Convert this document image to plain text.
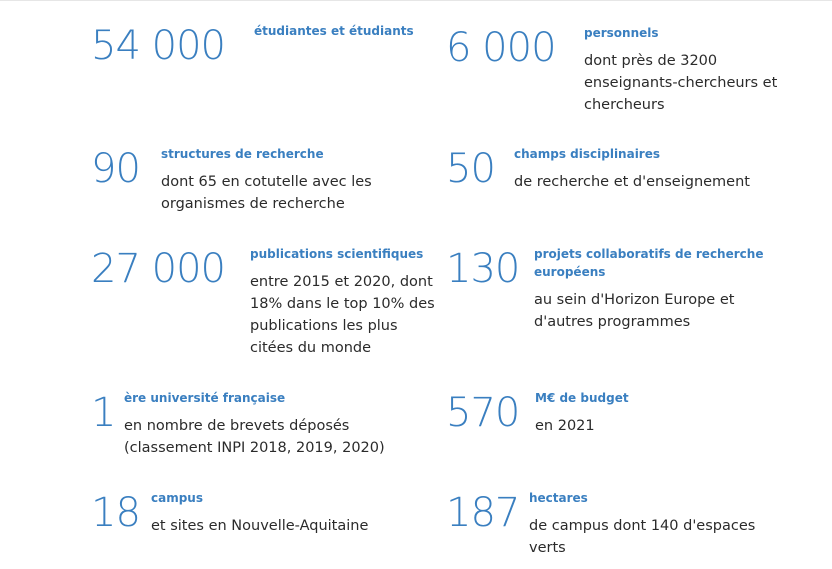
54 000 étudiantes et étudiants
90 structures de recherche
dont 65 en cotutelle avec les organismes de recherche
27 000 publications scientifiques
entre 2015 et 2020, dont 18% dans le top 10% des publications les plus citées du monde
1 ère université française
en nombre de brevets déposés (classement INPI 2018, 2019, 2020)
18 campus
et sites en Nouvelle-Aquitaine
6 000 personnels
dont près de 3200 enseignants-chercheurs et chercheurs
50 champs disciplinaires
de recherche et d'enseignement
130 projets collaboratifs de recherche européens
au sein d'Horizon Europe et d'autres programmes
570 M€ de budget
en 2021
187 hectares
de campus dont 140 d'espaces verts
